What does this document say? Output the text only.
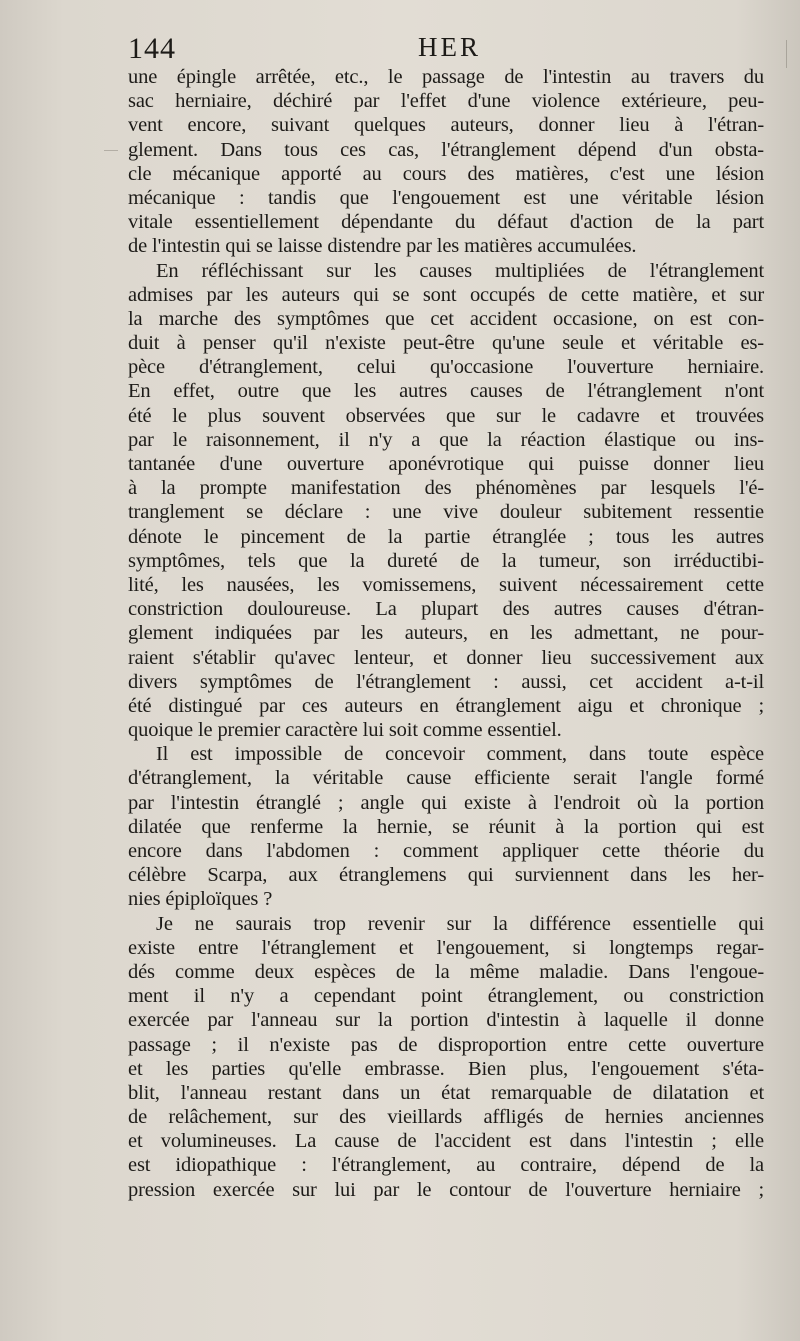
144	HER
une épingle arrêtée, etc., le passage de l'intestin au travers du
sac herniaire, déchiré par l'effet d'une violence extérieure, peu-
vent encore, suivant quelques auteurs, donner lieu à l'étran-
glement. Dans tous ces cas, l'étranglement dépend d'un obsta-
cle mécanique apporté au cours des matières, c'est une lésion
mécanique : tandis que l'engouement est une véritable lésion
vitale essentiellement dépendante du défaut d'action de la part
de l'intestin qui se laisse distendre par les matières accumulées.
En réfléchissant sur les causes multipliées de l'étranglement
admises par les auteurs qui se sont occupés de cette matière, et sur
la marche des symptômes que cet accident occasione, on est con-
duit à penser qu'il n'existe peut-être qu'une seule et véritable es-
pèce d'étranglement, celui qu'occasione l'ouverture herniaire.
En effet, outre que les autres causes de l'étranglement n'ont
été le plus souvent observées que sur le cadavre et trouvées
par le raisonnement, il n'y a que la réaction élastique ou ins-
tantanée d'une ouverture aponévrotique qui puisse donner lieu
à la prompte manifestation des phénomènes par lesquels l'é-
tranglement se déclare : une vive douleur subitement ressentie
dénote le pincement de la partie étranglée ; tous les autres
symptômes, tels que la dureté de la tumeur, son irréductibi-
lité, les nausées, les vomissemens, suivent nécessairement cette
constriction douloureuse. La plupart des autres causes d'étran-
glement indiquées par les auteurs, en les admettant, ne pour-
raient s'établir qu'avec lenteur, et donner lieu successivement aux
divers symptômes de l'étranglement : aussi, cet accident a-t-il
été distingué par ces auteurs en étranglement aigu et chronique ;
quoique le premier caractère lui soit comme essentiel.
Il est impossible de concevoir comment, dans toute espèce
d'étranglement, la véritable cause efficiente serait l'angle formé
par l'intestin étranglé ; angle qui existe à l'endroit où la portion
dilatée que renferme la hernie, se réunit à la portion qui est
encore dans l'abdomen : comment appliquer cette théorie du
célèbre Scarpa, aux étranglemens qui surviennent dans les her-
nies épiploïques ?
Je ne saurais trop revenir sur la différence essentielle qui
existe entre l'étranglement et l'engouement, si longtemps regar-
dés comme deux espèces de la même maladie. Dans l'engoue-
ment il n'y a cependant point étranglement, ou constriction
exercée par l'anneau sur la portion d'intestin à laquelle il donne
passage ; il n'existe pas de disproportion entre cette ouverture
et les parties qu'elle embrasse. Bien plus, l'engouement s'éta-
blit, l'anneau restant dans un état remarquable de dilatation et
de relâchement, sur des vieillards affligés de hernies anciennes
et volumineuses. La cause de l'accident est dans l'intestin ; elle
est idiopathique : l'étranglement, au contraire, dépend de la
pression exercée sur lui par le contour de l'ouverture herniaire ;
